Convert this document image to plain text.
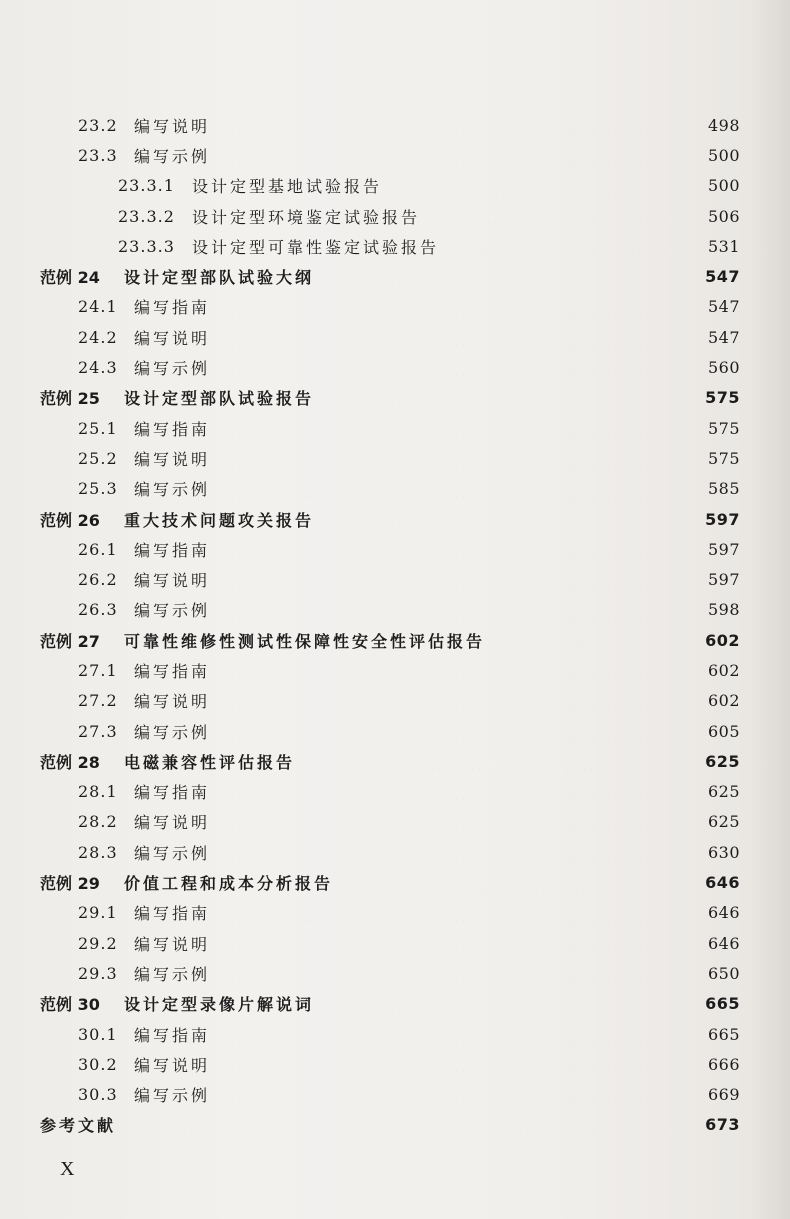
23.2	编写说明	498
23.3	编写示例	500
23.3.1	设计定型基地试验报告	500
23.3.2	设计定型环境鉴定试验报告	506
23.3.3	设计定型可靠性鉴定试验报告	531
范例 24	设计定型部队试验大纲	547
24.1	编写指南	547
24.2	编写说明	547
24.3	编写示例	560
范例 25	设计定型部队试验报告	575
25.1	编写指南	575
25.2	编写说明	575
25.3	编写示例	585
范例 26	重大技术问题攻关报告	597
26.1	编写指南	597
26.2	编写说明	597
26.3	编写示例	598
范例 27	可靠性维修性测试性保障性安全性评估报告	602
27.1	编写指南	602
27.2	编写说明	602
27.3	编写示例	605
范例 28	电磁兼容性评估报告	625
28.1	编写指南	625
28.2	编写说明	625
28.3	编写示例	630
范例 29	价值工程和成本分析报告	646
29.1	编写指南	646
29.2	编写说明	646
29.3	编写示例	650
范例 30	设计定型录像片解说词	665
30.1	编写指南	665
30.2	编写说明	666
30.3	编写示例	669
参考文献	673
X
